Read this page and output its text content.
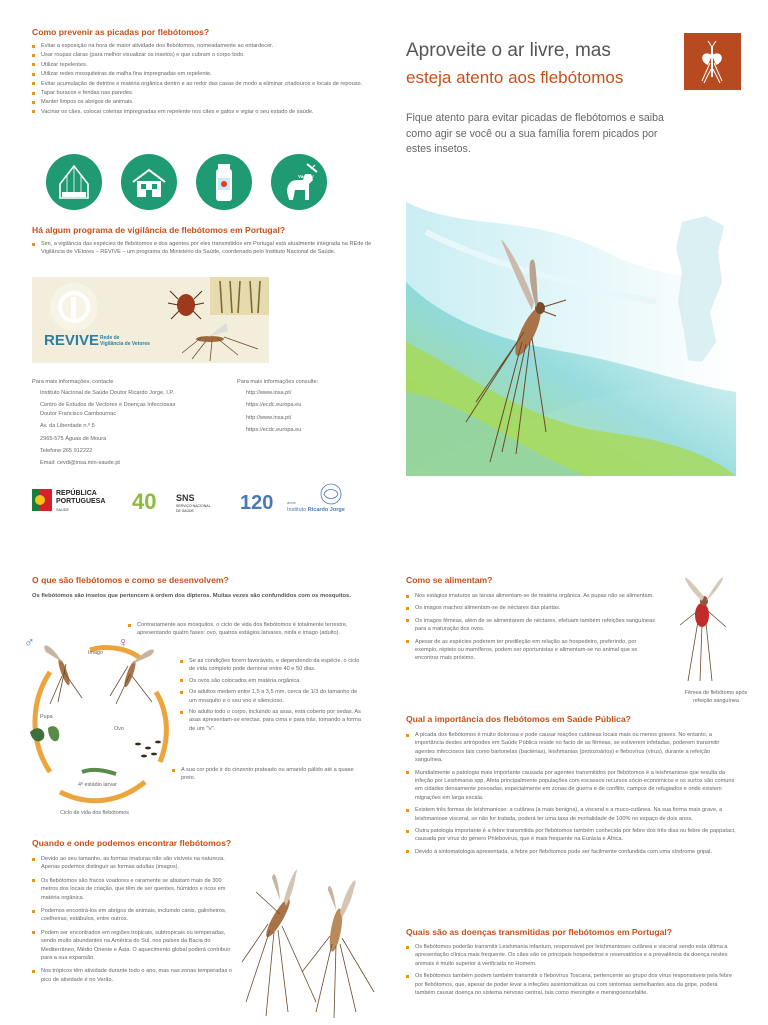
Como prevenir as picadas por flebótomos?
Evitar a exposição na hora de maior atividade dos flebótomos, nomeadamente ao entardecer.
Usar roupas claras (para melhor visualizar os insetos) e que cubram o corpo todo.
Utilizar repelentes.
Utilizar redes mosquiteiras de malha fina impregnadas em repelente.
Evitar acumulação de detritos e matéria orgânica dentro e ao redor das casas de modo a eliminar criadouros e locais de repouso.
Tapar buracos e fendas nas paredes.
Manter limpos os abrigos de animais.
Vacinar os cães, colocar coleiras impregnadas em repelente nos cães e gatos e vigiar o seu estado de saúde.
Vacinar
Há algum programa de vigilância de flebótomos em Portugal?
Sim, a vigilância das espécies de flebótomos e dos agentes por eles transmitidos em Portugal está atualmente integrada na REde de Vigilância de VEtores – REVIVE – um programa do Ministério da Saúde, coordenado pelo Instituto Nacional de Saúde.
REVIVE Rede de
Vigilância de Vetores
Para mais informações, contacte
Instituto Nacional de Saúde Doutor Ricardo Jorge, I.P.
Centro de Estudos de Vectores e Doenças Infecciosas
Doutor Francisco Cambournac
Av. da Liberdade n.º 5
2965-575 Águas de Moura
Telefone 265 912222
Email: cevdi@insa.min-saude.pt
Para mais informações consulte:
http://www.insa.pt/
https://ecdc.europa.eu
http://www.insa.pt/
https://ecdc.europa.eu
REPÚBLICA
PORTUGUESA
SAÚDE	40 SNS
SERVIÇO NACIONAL
DE SAÚDE 120	anos
Instituto Ricardo Jorge
Aproveite o ar livre, mas
esteja atento aos flebótomos
Fique atento para evitar picadas de flebótomos e saiba como agir se você ou a sua família forem picados por estes insetos.
O que são flebótomos e como se desenvolvem?
Os flebótomos são insetos que pertencem à ordem dos dípteros. Muitas vezes são confundidos com os mosquitos.
Contrariamente aos mosquitos, o ciclo de vida dos flebótomos é totalmente terrestre, apresentando quatro fases: ovo, quatros estágios larvares, ninfa e imago (adulto).
Se as condições forem favoráveis, e dependendo da espécie, o ciclo de vida completo pode demorar entre 40 e 50 dias.
Os ovos são colocados em matéria orgânica.
Os adultos medem entre 1,5 a 3,5 mm, cerca de 1/3 do tamanho de um mosquito e o seu voo é silencioso.
No adulto todo o corpo, incluindo as asas, está coberto por sedas. As asas apresentam-se erectas, para cima e para trás, tomando a forma de um "V".
A sua cor pode ir do cinzento prateado ou amarelo pálido até a quase preto.
♂	♀
Imago
Pupa
Ovo
4º estádio larvar
Ciclo de vida dos flebótomos
Quando e onde podemos encontrar flebótomos?
Devido ao seu tamanho, as formas imaturas não são visíveis na natureza. Apenas podemos distinguir as formas adultas (imagos).
Os flebótomos são fracos voadores e raramente se afastam mais de 300 metros dos locais de criação, que têm de ser quentes, húmidos e ricos em matéria orgânica.
Podemos encontrá-los em abrigos de animais, incluindo canis, galinheiros, coelheiras, estábulos, entre outros.
Podem ser encontrados em regiões tropicais, subtropicais ou temperadas, sendo muito abundantes na América do Sul, nos países da Bacia do Mediterrâneo, Médio Oriente e Ásia. O aquecimento global poderá contribuir para a sua expansão.
Nos trópicos têm atividade durante todo o ano, mas nas zonas temperadas o pico de atividade é no Verão.
Como se alimentam?
Nos estágios imaturos as larvas alimentam-se de matéria orgânica. As pupas não se alimentam.
Os imagos machos alimentam-se de néctares das plantas.
Os imagos fêmeas, além de se alimentarem de néctares, efetuam também refeições sanguíneas para a maturação dos ovos.
Apesar de as espécies poderem ter predileção em relação ao hospedeiro, preferindo, por exemplo, répteis ou mamíferos, podem ser oportunistas e alimentam-se no animal que se encontrar mais próximo.
Fêmea de flebótomo após
refeição sanguínea
Qual a importância dos flebótomos em Saúde Pública?
A picada dos flebótomos é muito dolorosa e pode causar reações cutâneas locais mais ou menos graves. No entanto, a importância destes artrópodes em Saúde Pública reside no facto de as fêmeas, se estiverem infetadas, poderem transmitir agentes infecciosos tais como bartonelas (bactérias), leishmanias (protozoários) e flebovírus (vírus), durante a refeição sanguínea.
Mundialmente a patologia mais importante causada por agentes transmitidos por flebótomos é a leishmaniose que resulta da infeção por Leishmania spp. Afeta principalmente populações com escassos recursos sócio-económicos e os surtos são comuns em cidades densamente povoadas, especialmente em zonas de guerra e de conflito, campos de refugiados e onde existem migrações em larga escala.
Existem três formas de leishmaniose: a cutânea (a mais benigna), a visceral e a muco-cutânea. Na sua forma mais grave, a leishmaniose visceral, se não for tratada, poderá ter uma taxa de mortalidade de 100% no espaço de dois anos.
Outra patologia importante é a febre transmitida por flebótomos também conhecida por febre dos três dias ou febre de pappataci, causada por vírus do género Phlebovirus, que é mais frequente na Eurásia e África.
Devido à sintomatologia apresentada, a febre por flebótomos pode ser facilmente confundida com uma síndrome gripal.
Quais são as doenças transmitidas por flebótomos em Portugal?
Os flebótomos poderão transmitir Leishmania infantum, responsável por leishmanioses cutânea e visceral sendo esta última a apresentação clínica mais frequente. Os cães são os principais hospedeiros e reservatórios e a prevalência da doença nestes animais é muito superior à verificada no Homem.
Os flebótomos também podem também transmitir o flebovírus Toscana, pertencente ao grupo dos vírus responsáveis pela febre por flebótomos, que, apesar de poder levar a infeções assintomáticas ou com sintomas semelhantes aos da gripe, poderá também causar doença no sistema nervoso central, tais como meningite e meningoencefalite.
